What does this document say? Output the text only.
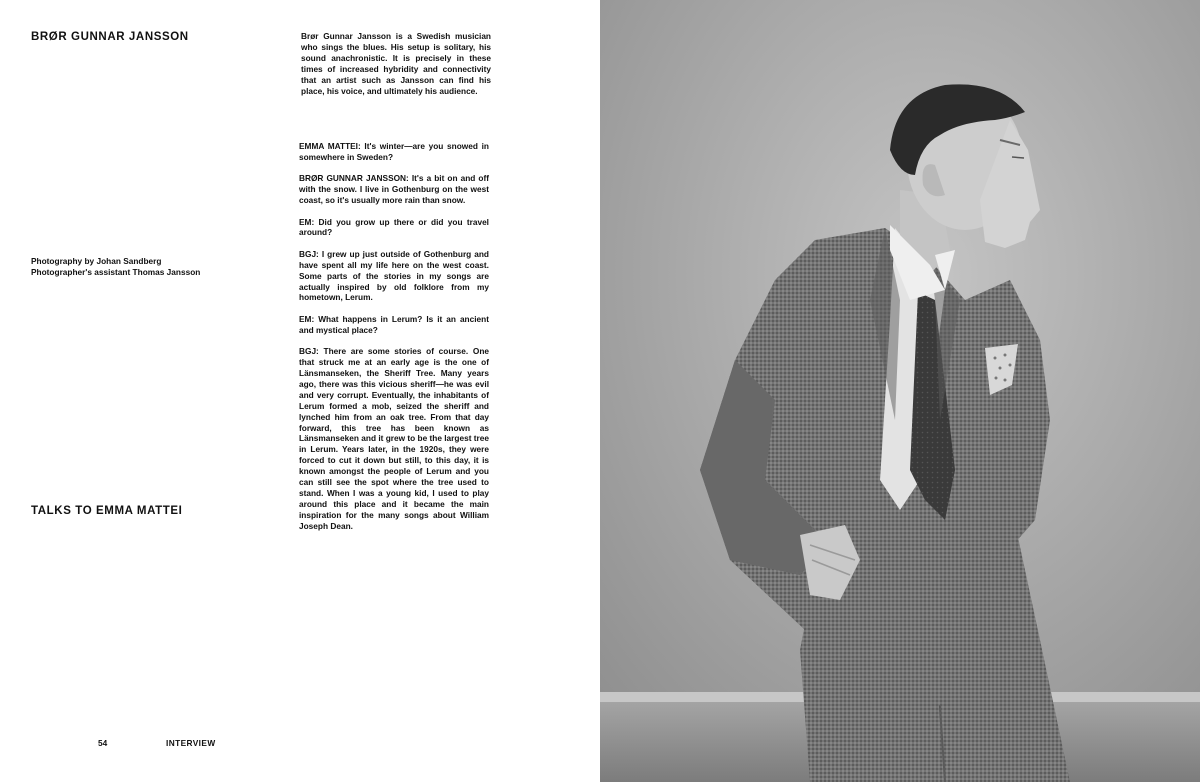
BRØR GUNNAR JANSSON	Brør Gunnar Jansson is a Swedish musician who sings the blues. His setup is solitary, his sound anachronistic. It is precisely in these times of increased hybridity and connectivity that an artist such as Jansson can find his place, his voice, and ultimately his audience.
Photography by Johan Sandberg
Photographer's assistant Thomas Jansson

EMMA MATTEI: It's winter—are you snowed in somewhere in Sweden?

BRØR GUNNAR JANSSON: It's a bit on and off with the snow. I live in Gothenburg on the west coast, so it's usually more rain than snow.

EM: Did you grow up there or did you travel around?

BGJ: I grew up just outside of Gothenburg and have spent all my life here on the west coast. Some parts of the stories in my songs are actually inspired by old folklore from my hometown, Lerum.

EM: What happens in Lerum? Is it an ancient and mystical place?

BGJ: There are some stories of course. One that struck me at an early age is the one of Länsmanseken, the Sheriff Tree. Many years ago, there was this vicious sheriff—he was evil and very corrupt. Eventually, the inhabitants of Lerum formed a mob, seized the sheriff and lynched him from an oak tree. From that day forward, this tree has been known as Länsmanseken and it grew to be the largest tree in Lerum. Years later, in the 1920s, they were forced to cut it down but still, to this day, it is known amongst the people of Lerum and you can still see the spot where the tree used to stand. When I was a young kid, I used to play around this place and it became the main inspiration for the many songs about William Joseph Dean.

TALKS TO EMMA MATTEI
54	INTERVIEW
